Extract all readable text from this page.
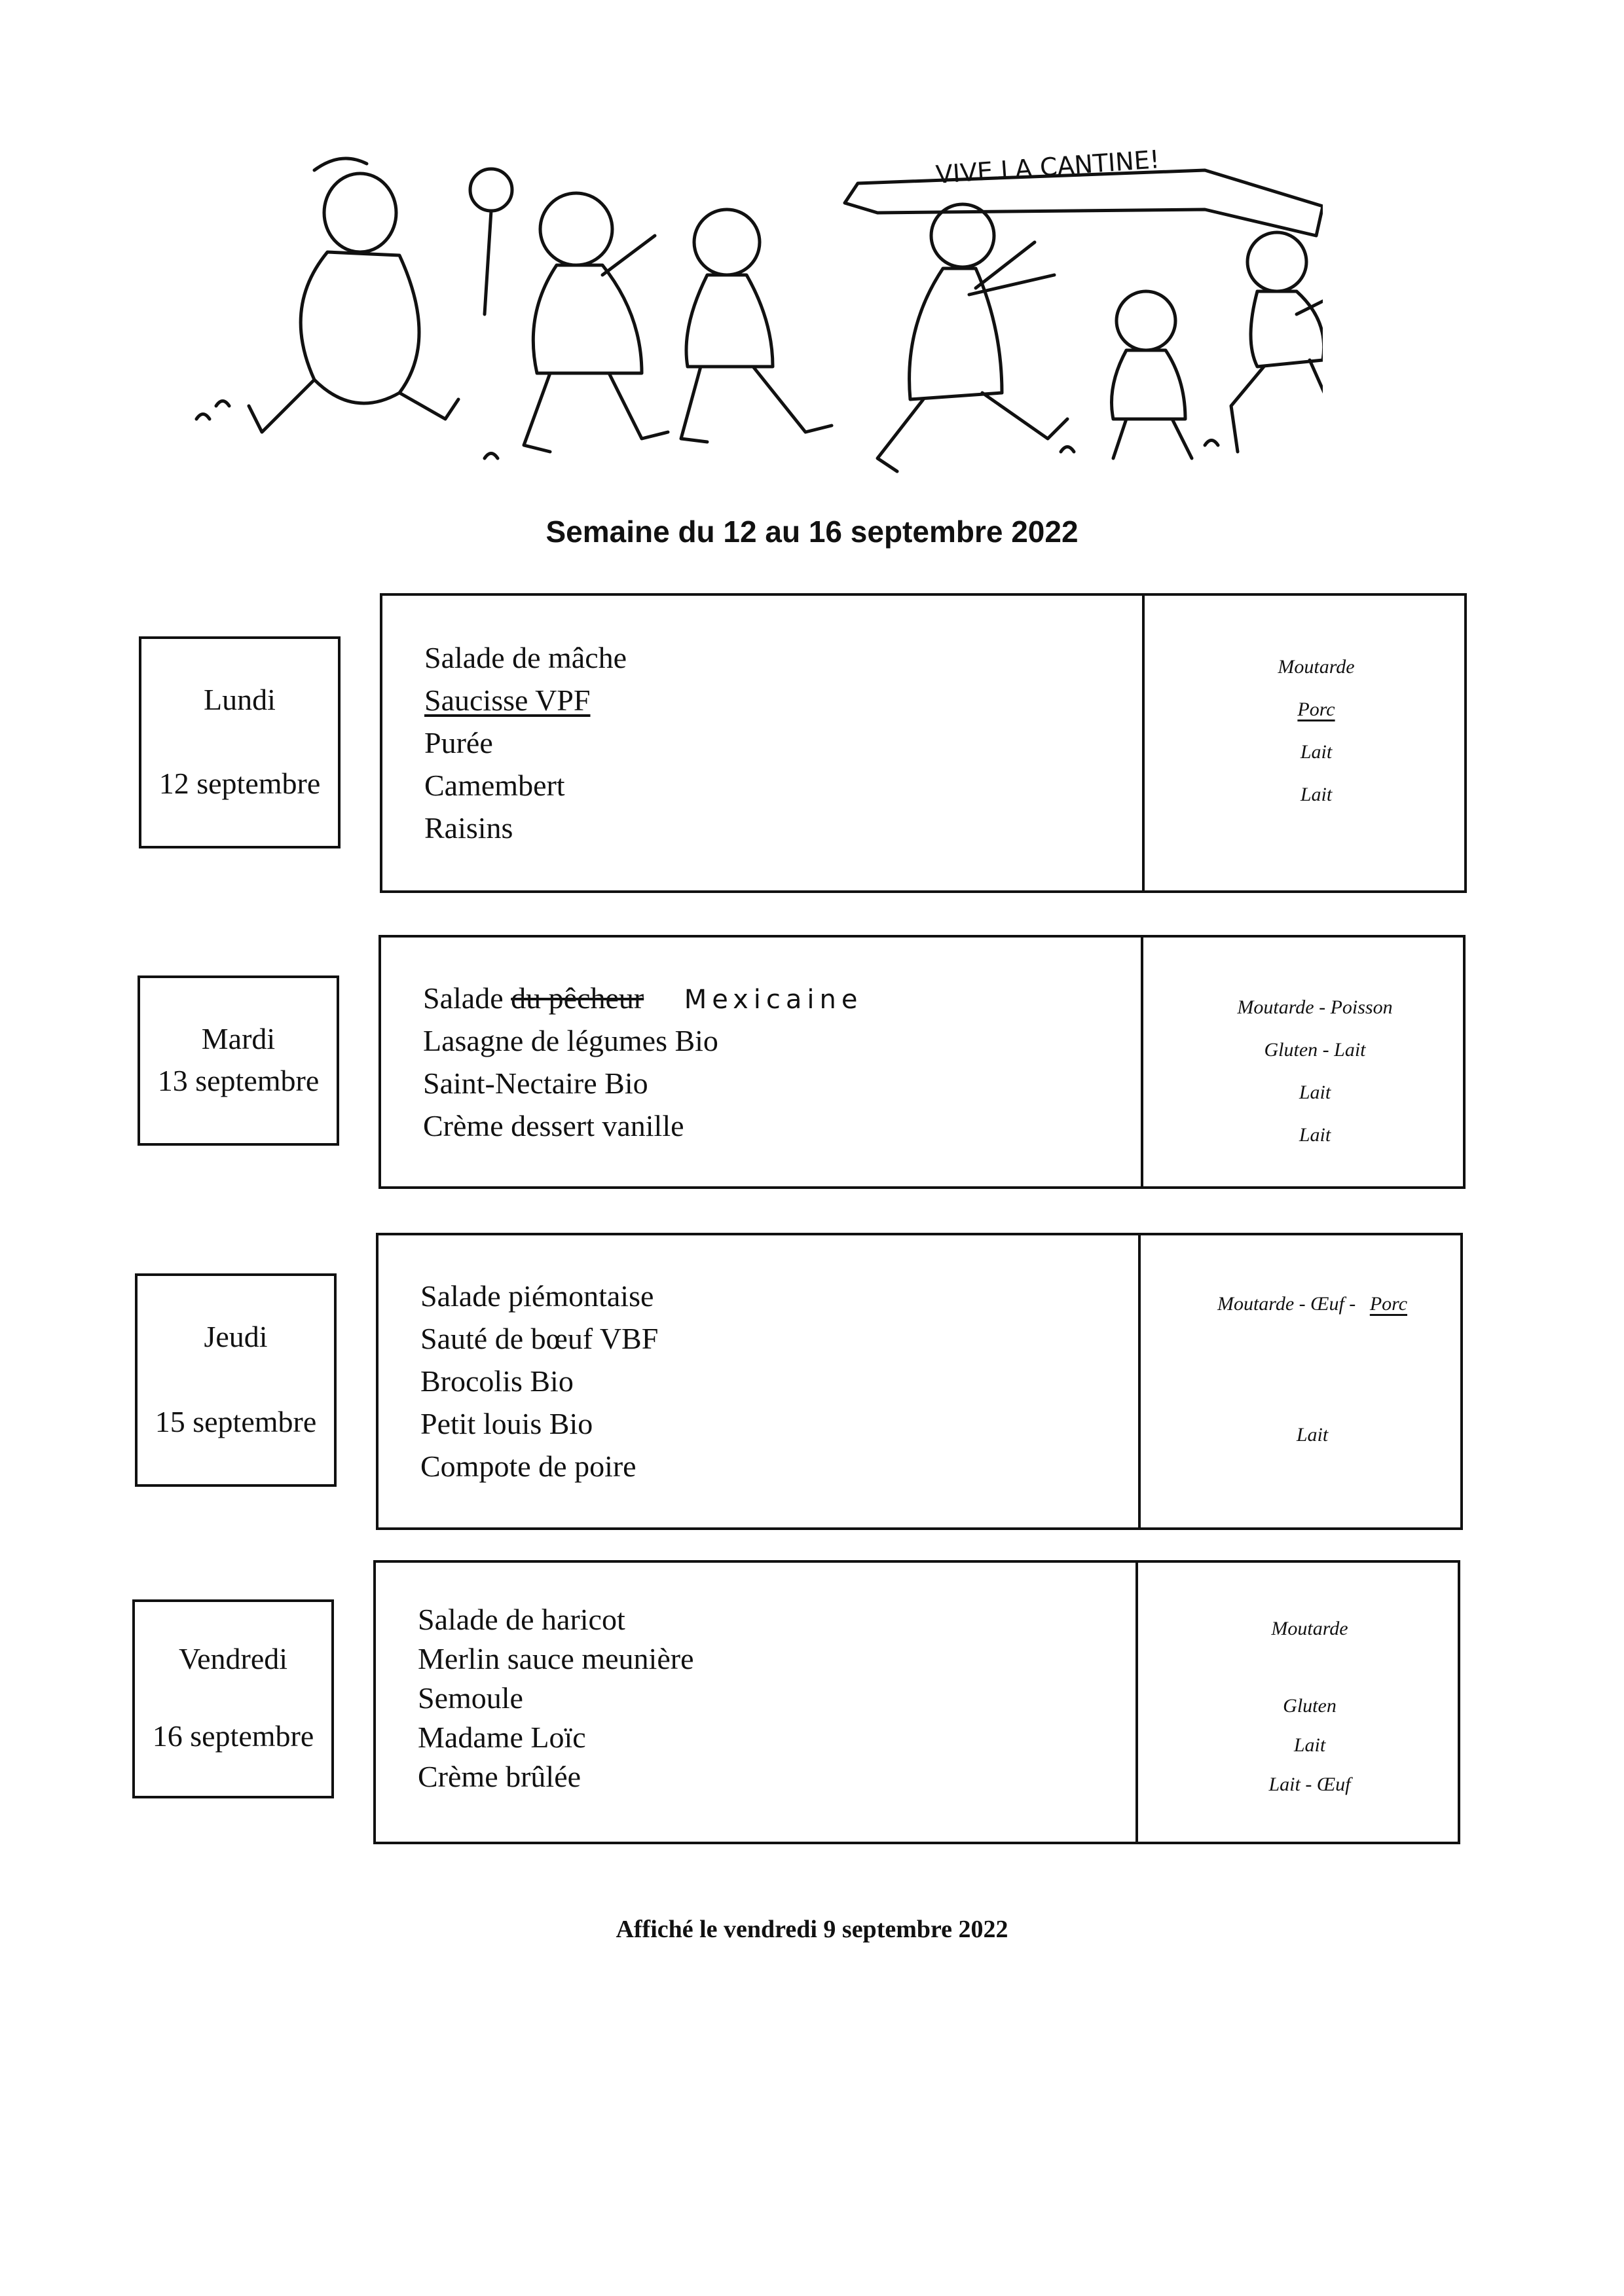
VIVE LA CANTINE!
Semaine du 12 au 16 septembre 2022
Lundi
12 septembre
Salade de mâche
Saucisse VPF
Purée
Camembert
Raisins
Moutarde
Porc
Lait
Lait
Mardi
13 septembre
Salade du pêcheur Mexicaine
Lasagne de légumes Bio
Saint-Nectaire Bio
Crème dessert vanille
Moutarde - Poisson
Gluten - Lait
Lait
Lait
Jeudi
15 septembre
Salade piémontaise
Sauté de bœuf VBF
Brocolis Bio
Petit louis Bio
Compote de poire
Moutarde - Œuf - Porc
Lait
Vendredi
16 septembre
Salade de haricot
Merlin sauce meunière
Semoule
Madame Loïc
Crème brûlée
Moutarde
Gluten
Lait
Lait - Œuf
Affiché le vendredi 9 septembre 2022
